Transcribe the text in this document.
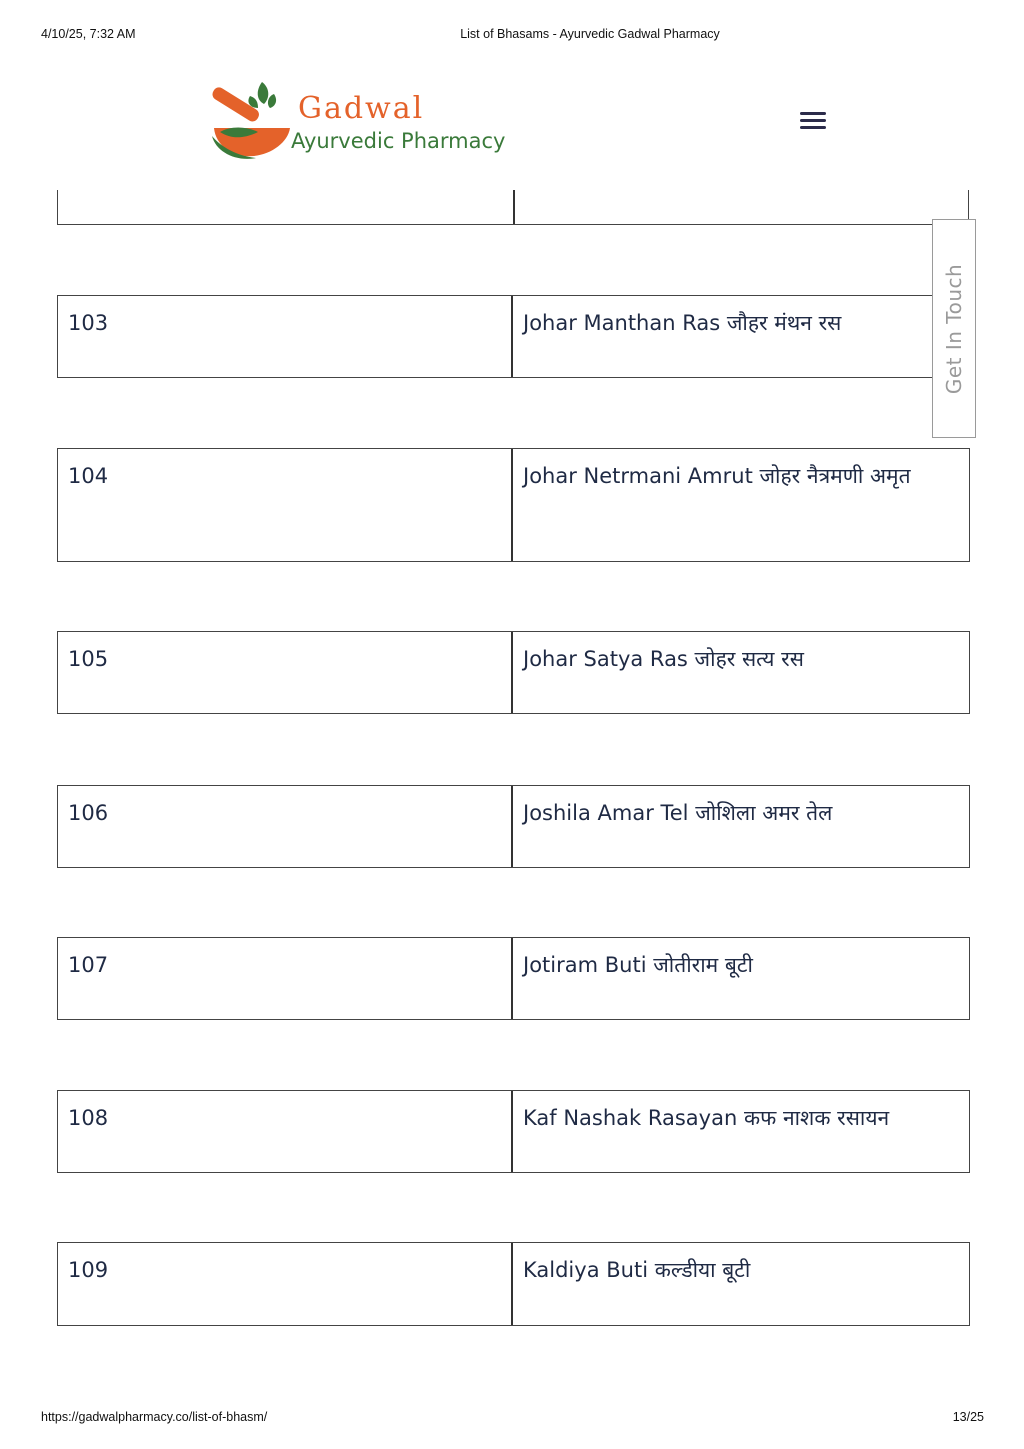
4/10/25, 7:32 AM	List of Bhasams - Ayurvedic Gadwal Pharmacy
Gadwal
Ayurvedic Pharmacy
103	Johar Manthan Ras जौहर मंथन रस
104	Johar Netrmani Amrut जोहर नैत्रमणी अमृत
105	Johar Satya Ras जोहर सत्य रस
106	Joshila Amar Tel जोशिला अमर तेल
107	Jotiram Buti जोतीराम बूटी
108	Kaf Nashak Rasayan कफ नाशक रसायन
109	Kaldiya Buti कल्डीया बूटी
Get In Touch
https://gadwalpharmacy.co/list-of-bhasm/	13/25
